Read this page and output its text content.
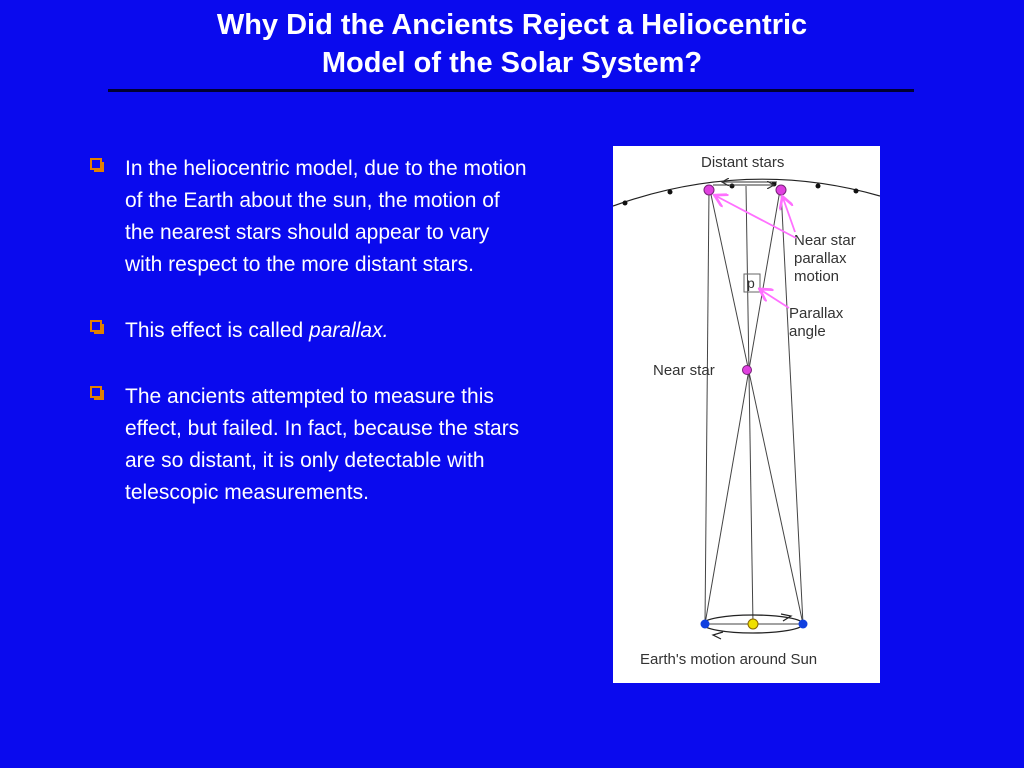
Why Did the Ancients Reject a Heliocentric
Model of the Solar System?
In the heliocentric model, due to the motion of the Earth about the sun, the motion of the nearest stars should appear to vary with respect to the more distant stars.
This effect is called parallax.
The ancients attempted to measure this effect, but failed. In fact, because the stars are so distant, it is only detectable with telescopic measurements.
Distant stars
p
Near star
parallax
motion
Parallax
angle
Near star
Earth's motion around Sun
